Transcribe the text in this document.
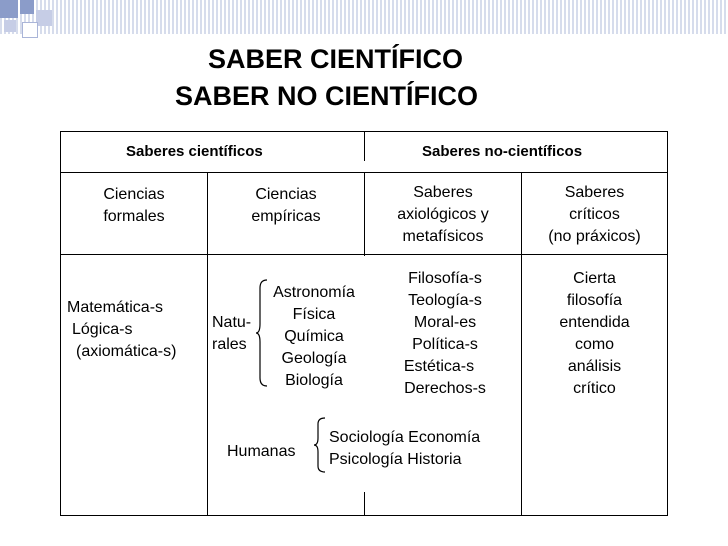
SABER CIENTÍFICO
SABER NO CIENTÍFICO
Saberes científicos	Saberes no-científicos
Ciencias
formales
Ciencias
empíricas
Saberes
axiológicos y
metafísicos
Saberes
críticos
(no práxicos)
Matemática-s
Lógica-s
(axiomática-s)
Natu-
rales
Astronomía
Física
Química
Geología
Biología
Humanas
Sociología Economía
Psicología Historia
Filosofía-s
Teología-s
Moral-es
Política-s
Estética-s
Derechos-s
Cierta
filosofía
entendida
como
análisis
crítico
